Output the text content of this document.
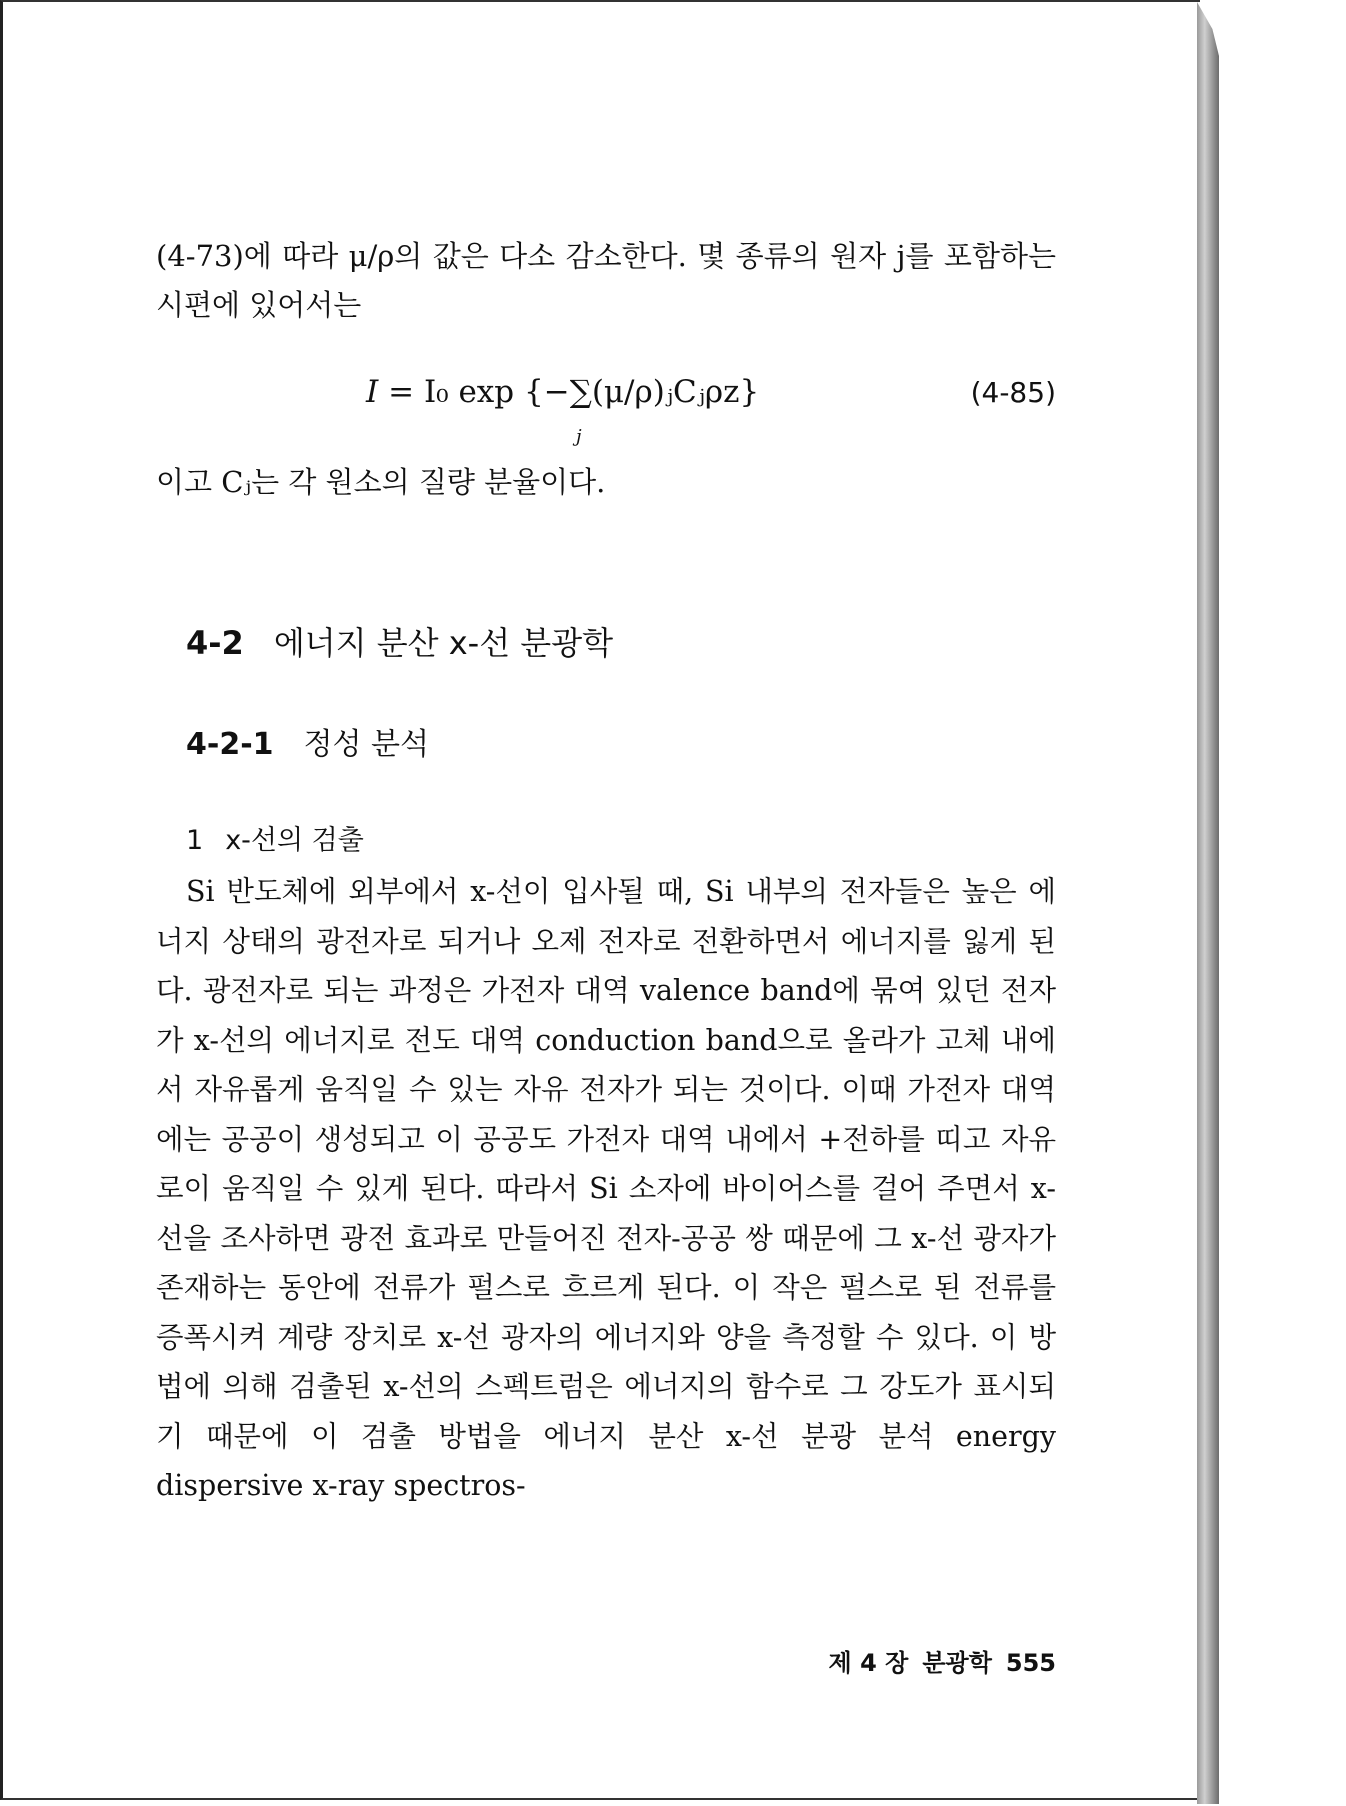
(4-73)에 따라 μ/ρ의 값은 다소 감소한다. 몇 종류의 원자 j를 포함하는 시편에 있어서는

I = I₀ exp {−∑(μ/ρ)ⱼCⱼρz}
j
(4-85)

이고 Cⱼ는 각 원소의 질량 분율이다.

4-2 에너지 분산 x-선 분광학
4-2-1 정성 분석
1 x-선의 검출

Si 반도체에 외부에서 x-선이 입사될 때, Si 내부의 전자들은 높은 에너지 상태의 광전자로 되거나 오제 전자로 전환하면서 에너지를 잃게 된다. 광전자로 되는 과정은 가전자 대역 valence band에 묶여 있던 전자가 x-선의 에너지로 전도 대역 conduction band으로 올라가 고체 내에서 자유롭게 움직일 수 있는 자유 전자가 되는 것이다. 이때 가전자 대역에는 공공이 생성되고 이 공공도 가전자 대역 내에서 +전하를 띠고 자유로이 움직일 수 있게 된다. 따라서 Si 소자에 바이어스를 걸어 주면서 x-선을 조사하면 광전 효과로 만들어진 전자-공공 쌍 때문에 그 x-선 광자가 존재하는 동안에 전류가 펄스로 흐르게 된다. 이 작은 펄스로 된 전류를 증폭시켜 계량 장치로 x-선 광자의 에너지와 양을 측정할 수 있다. 이 방법에 의해 검출된 x-선의 스펙트럼은 에너지의 함수로 그 강도가 표시되기 때문에 이 검출 방법을 에너지 분산 x-선 분광 분석 energy dispersive x-ray spectros-

제 4 장 분광학 555
